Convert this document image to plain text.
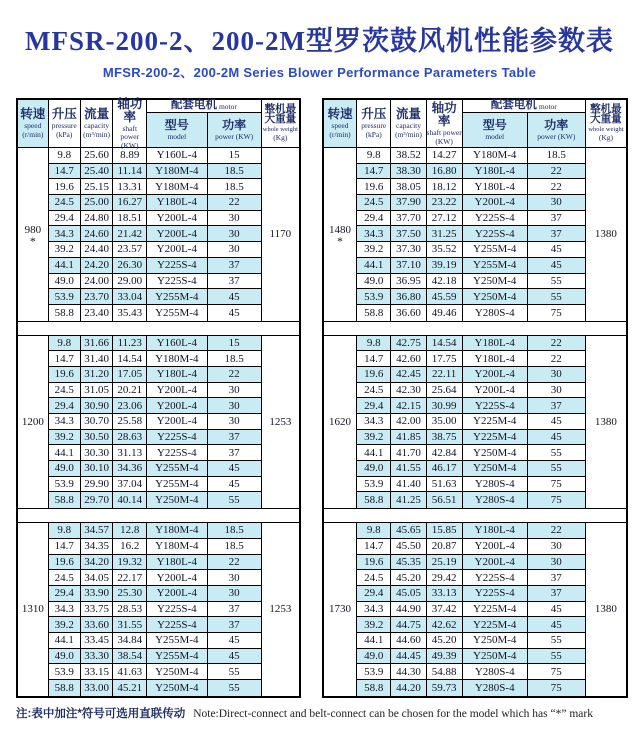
MFSR-200-2、200-2M型罗茨鼓风机性能参数表
MFSR-200-2、200-2M Series Blower Performance Parameters Table
转速
speed
(r/min)
升压
pressure
(kPa)
流量
capacity
(m³/min)
轴功率
shaft power
(KW)
配套电机 motor
型号
model
功率
power (KW)
整机最
大重量
whole weight
(Kg)
980
*	1170
9.8	25.60	8.89	Y160L-4	15
14.7 25.40 11.14	Y180M-4	18.5
19.6 25.15 13.31	Y180M-4	18.5
24.5 25.00 16.27	Y180L-4	22
29.4 24.80 18.51	Y200L-4	30
34.3 24.60 21.42	Y200L-4	30
39.2 24.40 23.57	Y200L-4	30
44.1 24.20 26.30	Y225S-4	37
49.0 24.00 29.00	Y225S-4	37
53.9 23.70 33.04	Y255M-4	45
58.8 23.40 35.43	Y255M-4	45
1200	1253
9.8	31.66 11.23	Y160L-4	15
14.7 31.40 14.54	Y180M-4	18.5
19.6 31.20 17.05	Y180L-4	22
24.5 31.05 20.21	Y200L-4	30
29.4 30.90 23.06	Y200L-4	30
34.3 30.70 25.58	Y200L-4	30
39.2 30.50 28.63	Y225S-4	37
44.1 30.30 31.13	Y225S-4	37
49.0 30.10 34.36	Y255M-4	45
53.9 29.90 37.04	Y255M-4	45
58.8 29.70 40.14	Y250M-4	55
1310	1253
9.8	34.57	12.8	Y180M-4	18.5
14.7 34.35	16.2	Y180M-4	18.5
19.6 34.20 19.32	Y180L-4	22
24.5 34.05 22.17	Y200L-4	30
29.4 33.90 25.30	Y200L-4	30
34.3 33.75 28.53	Y225S-4	37
39.2 33.60 31.55	Y225S-4	37
44.1 33.45 34.84	Y255M-4	45
49.0 33.30 38.54	Y255M-4	45
53.9 33.15 41.63	Y250M-4	55
58.8 33.00 45.21	Y250M-4	55
转速
speed
(r/min)
升压
pressure
(kPa)
流量
capacity
(m³/min)
轴功率
shaft power
(KW)
配套电机 motor
型号
model
功率
power (KW)
整机最
大重量
whole weight
(Kg)
1480
*	1380
9.8	38.52 14.27	Y180M-4	18.5
14.7	38.30 16.80	Y180L-4	22
19.6	38.05 18.12	Y180L-4	22
24.5	37.90 23.22	Y200L-4	30
29.4	37.70 27.12	Y225S-4	37
34.3	37.50 31.25	Y225S-4	37
39.2	37.30 35.52	Y255M-4	45
44.1	37.10 39.19	Y255M-4	45
49.0	36.95 42.18	Y250M-4	55
53.9	36.80 45.59	Y250M-4	55
58.8	36.60 49.46	Y280S-4	75
1620	1380
9.8	42.75 14.54	Y180L-4	22
14.7	42.60 17.75	Y180L-4	22
19.6	42.45	22.11	Y200L-4	30
24.5	42.30 25.64	Y200L-4	30
29.4	42.15 30.99	Y225S-4	37
34.3	42.00 35.00	Y225M-4	45
39.2	41.85 38.75	Y225M-4	45
44.1	41.70 42.84	Y250M-4	55
49.0	41.55 46.17	Y250M-4	55
53.9	41.40 51.63	Y280S-4	75
58.8	41.25 56.51	Y280S-4	75
1730	1380
9.8	45.65 15.85	Y180L-4	22
14.7	45.50 20.87	Y200L-4	30
19.6	45.35 25.19	Y200L-4	30
24.5	45.20 29.42	Y225S-4	37
29.4	45.05 33.13	Y225S-4	37
34.3	44.90 37.42	Y225M-4	45
39.2	44.75 42.62	Y225M-4	45
44.1	44.60 45.20	Y250M-4	55
49.0	44.45 49.39	Y250M-4	55
53.9	44.30 54.88	Y280S-4	75
58.8	44.20 59.73	Y280S-4	75
注:表中加注*符号可选用直联传动 Note:Direct-connect and belt-connect can be chosen for the model which has “*” mark
